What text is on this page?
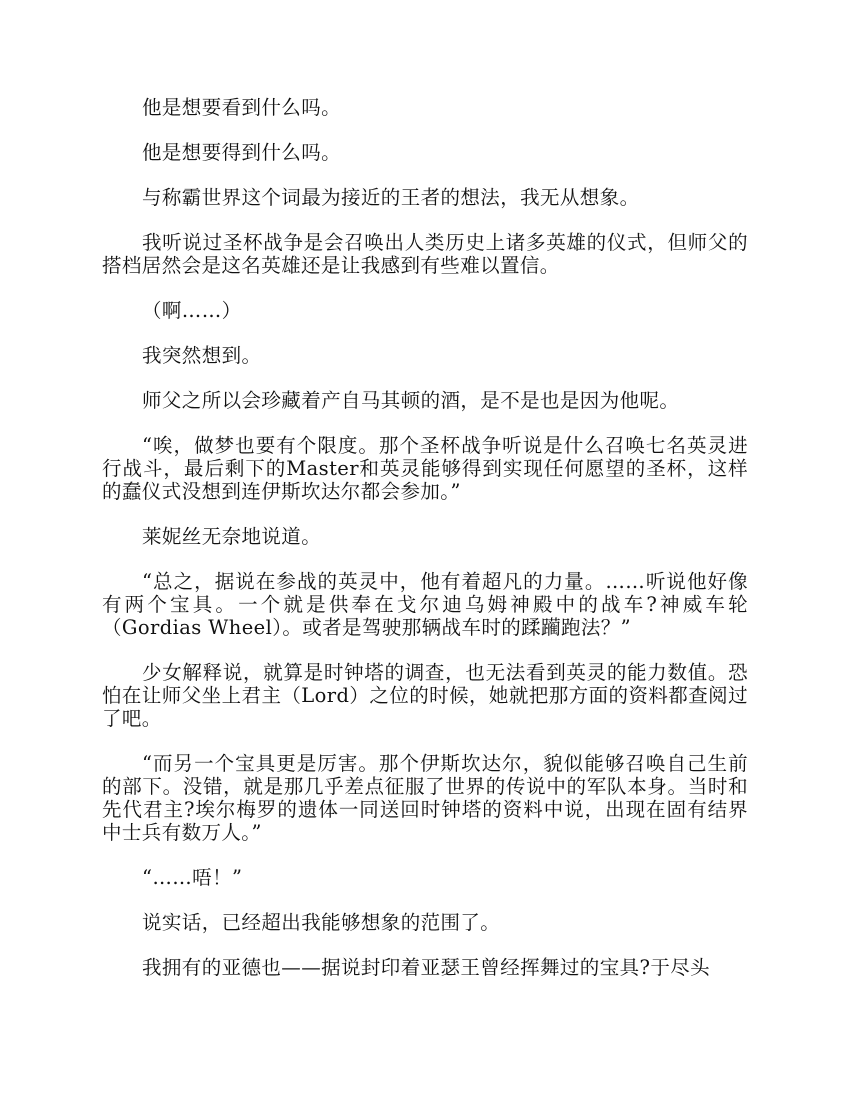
他是想要看到什么吗。

他是想要得到什么吗。

与称霸世界这个词最为接近的王者的想法，我无从想象。

我听说过圣杯战争是会召唤出人类历史上诸多英雄的仪式，但师父的搭档居然会是这名英雄还是让我感到有些难以置信。

（啊……）

我突然想到。

师父之所以会珍藏着产自马其顿的酒，是不是也是因为他呢。

“唉，做梦也要有个限度。那个圣杯战争听说是什么召唤七名英灵进行战斗，最后剩下的Master和英灵能够得到实现任何愿望的圣杯，这样的蠢仪式没想到连伊斯坎达尔都会参加。”

莱妮丝无奈地说道。

“总之，据说在参战的英灵中，他有着超凡的力量。……听说他好像有两个宝具。一个就是供奉在戈尔迪乌姆神殿中的战车?神威车轮（Gordias Wheel）。或者是驾驶那辆战车时的蹂躏跑法？”

少女解释说，就算是时钟塔的调查，也无法看到英灵的能力数值。恐怕在让师父坐上君主（Lord）之位的时候，她就把那方面的资料都查阅过了吧。

“而另一个宝具更是厉害。那个伊斯坎达尔，貌似能够召唤自己生前的部下。没错，就是那几乎差点征服了世界的传说中的军队本身。当时和先代君主?埃尔梅罗的遗体一同送回时钟塔的资料中说，出现在固有结界中士兵有数万人。”

“……唔！”

说实话，已经超出我能够想象的范围了。

我拥有的亚德也——据说封印着亚瑟王曾经挥舞过的宝具?于尽头
